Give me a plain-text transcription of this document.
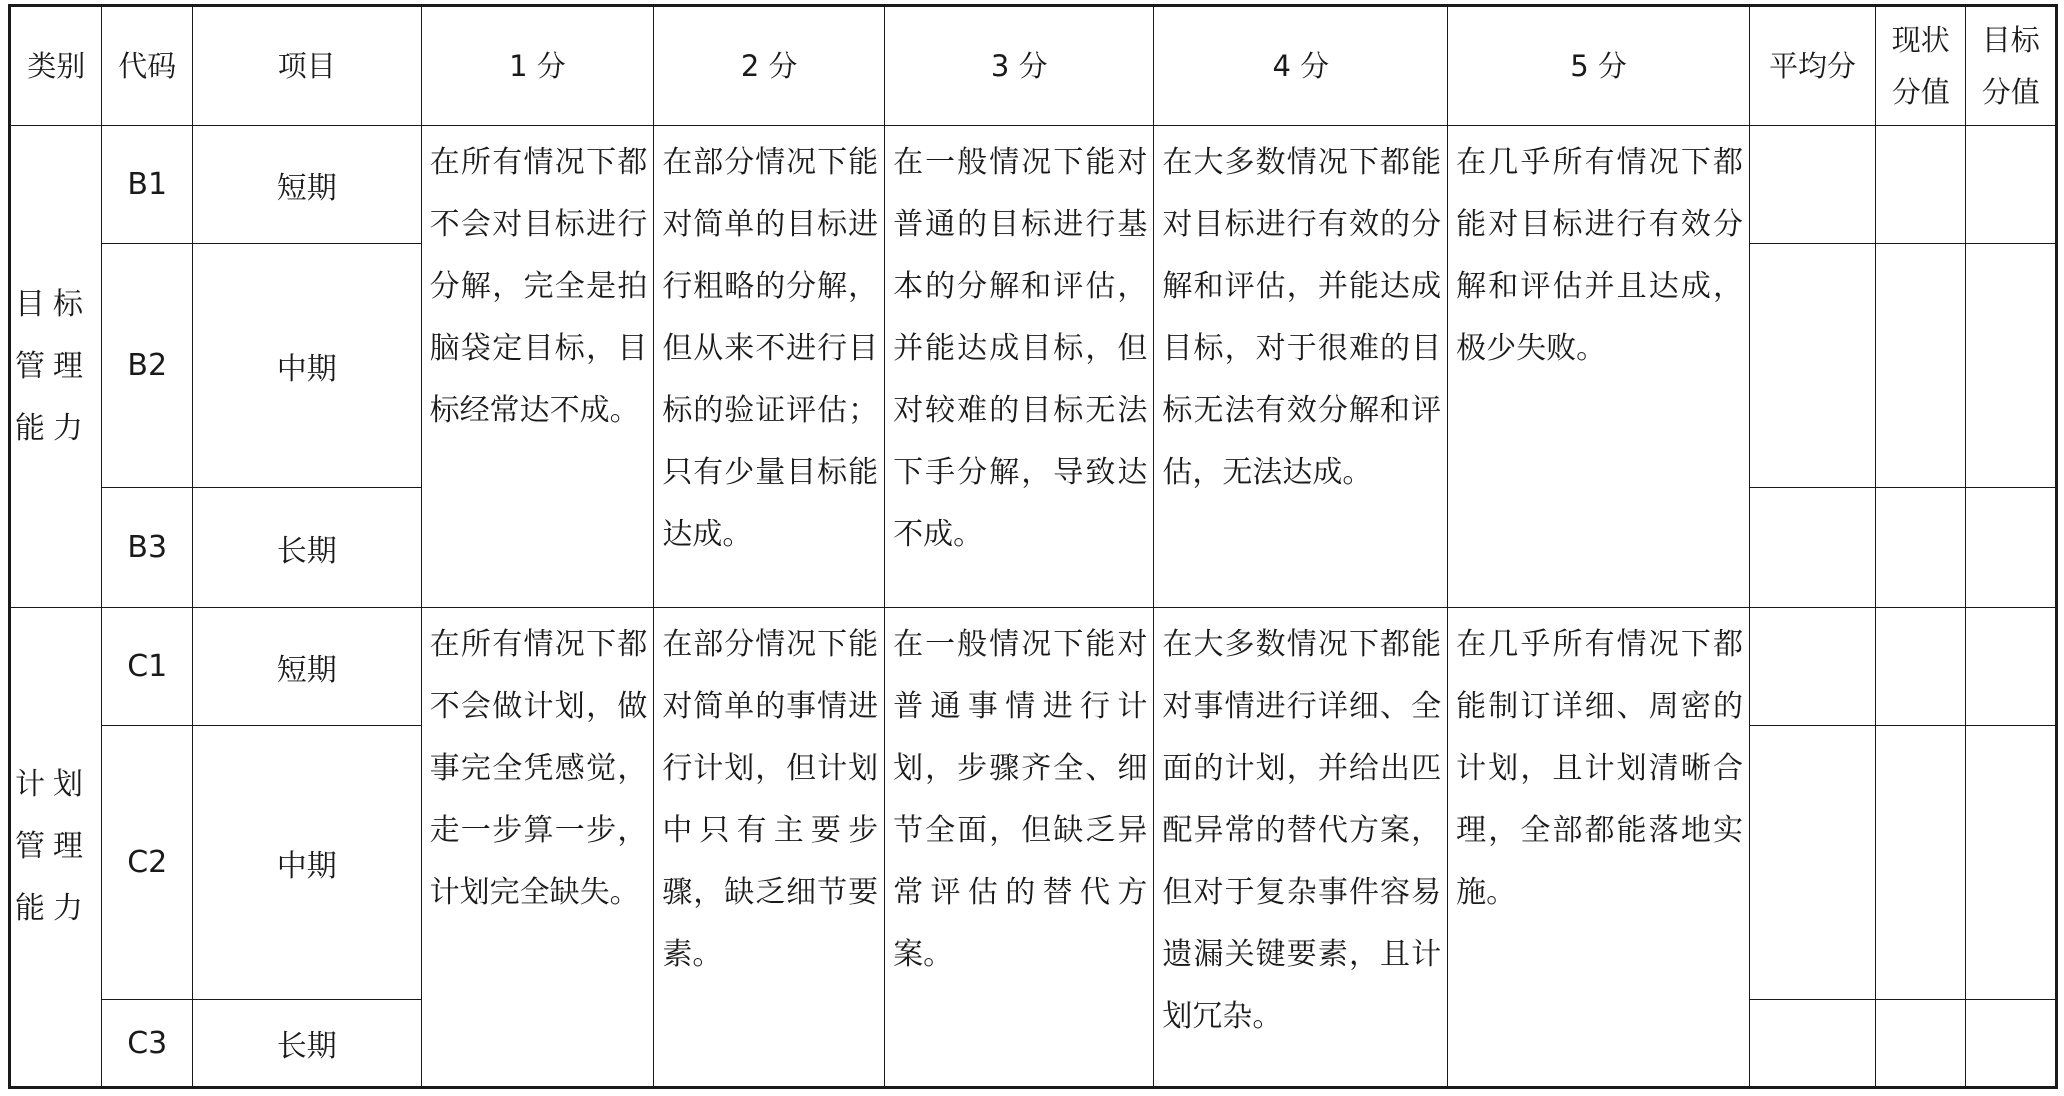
类别	代码	项目	1 分	2 分	3 分	4 分	5 分	平均分	现状分值	目标分值
目标管理能力	B1	短期	在所有情况下都不会对目标进行分解，完全是拍脑袋定目标，目标经常达不成。	在部分情况下能对简单的目标进行粗略的分解，但从来不进行目标的验证评估；只有少量目标能达成。	在一般情况下能对普通的目标进行基本的分解和评估，并能达成目标，但对较难的目标无法下手分解，导致达不成。	在大多数情况下都能对目标进行有效的分解和评估，并能达成目标，对于很难的目标无法有效分解和评估，无法达成。	在几乎所有情况下都能对目标进行有效分解和评估并且达成，极少失败。			
	B2	中期								
	B3	长期								
计划管理能力	C1	短期	在所有情况下都不会做计划，做事完全凭感觉，走一步算一步，计划完全缺失。	在部分情况下能对简单的事情进行计划，但计划中只有主要步骤，缺乏细节要素。	在一般情况下能对普通事情进行计划，步骤齐全、细节全面，但缺乏异常评估的替代方案。	在大多数情况下都能对事情进行详细、全面的计划，并给出匹配异常的替代方案，但对于复杂事件容易遗漏关键要素，且计划冗杂。	在几乎所有情况下都能制订详细、周密的计划，且计划清晰合理，全部都能落地实施。			
	C2	中期								
	C3	长期								
